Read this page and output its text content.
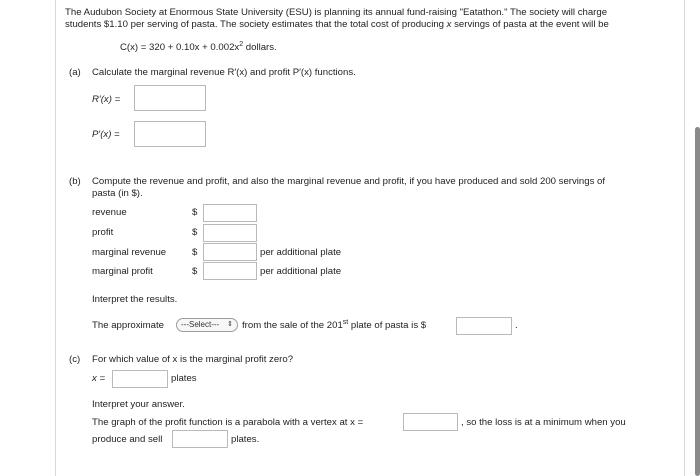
The Audubon Society at Enormous State University (ESU) is planning its annual fund-raising "Eatathon." The society will charge
students $1.10 per serving of pasta. The society estimates that the total cost of producing x servings of pasta at the event will be
$C(x) = 320 + 0.10x + 0.002x^2$ dollars.
(a) Calculate the marginal revenue R′(x) and profit P′(x) functions.
R′(x) =
P′(x) =
(b) Compute the revenue and profit, and also the marginal revenue and profit, if you have produced and sold 200 servings of
pasta (in $).
revenue	$
profit	$
marginal revenue	$	per additional plate
marginal profit	$	per additional plate
Interpret the results.
The approximate	---Select--- ⇕ from the sale of the 201st plate of pasta is $	.
(c) For which value of x is the marginal profit zero?
x =	plates
Interpret your answer.
The graph of the profit function is a parabola with a vertex at x =	, so the loss is at a minimum when you
produce and sell	plates.
